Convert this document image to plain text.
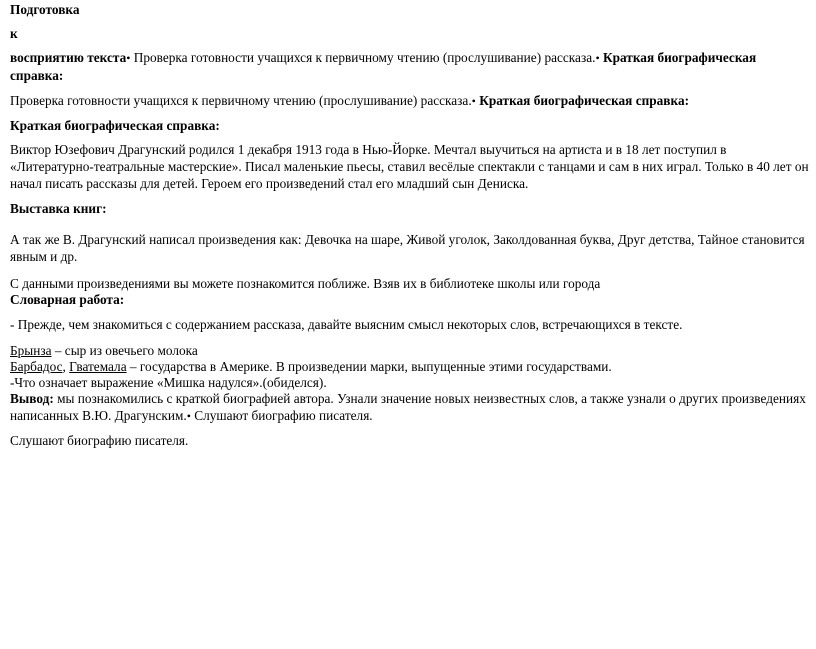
Подготовка
к
восприятию текста• Проверка готовности учащихся к первичному чтению (прослушивание) рассказа.• Краткая биографическая справка:
Проверка готовности учащихся к первичному чтению (прослушивание) рассказа.• Краткая биографическая справка:
Краткая биографическая справка:
Виктор Юзефович Драгунский родился 1 декабря 1913 года в Нью-Йорке. Мечтал выучиться на артиста и в 18 лет поступил в «Литературно-театральные мастерские». Писал маленькие пьесы, ставил весёлые спектакли с танцами и сам в них играл. Только в 40 лет он начал писать рассказы для детей. Героем его произведений стал его младший сын Дениска.
Выставка книг:
А так же В. Драгунский написал произведения как: Девочка на шаре, Живой уголок, Заколдованная буква, Друг детства, Тайное становится явным и др.
С данными произведениями вы можете познакомится поближе. Взяв их в библиотеке школы или города
Словарная работа:
- Прежде, чем знакомиться с содержанием рассказа, давайте выясним смысл некоторых слов, встречающихся в тексте.
Брынза – сыр из овечьего молока
Барбадос, Гватемала – государства в Америке. В произведении марки, выпущенные этими государствами.
-Что означает выражение «Мишка надулся».(обиделся).
Вывод: мы познакомились с краткой биографией автора. Узнали значение новых неизвестных слов, а также узнали о других произведениях написанных В.Ю. Драгунским.• Слушают биографию писателя.
Слушают биографию писателя.
